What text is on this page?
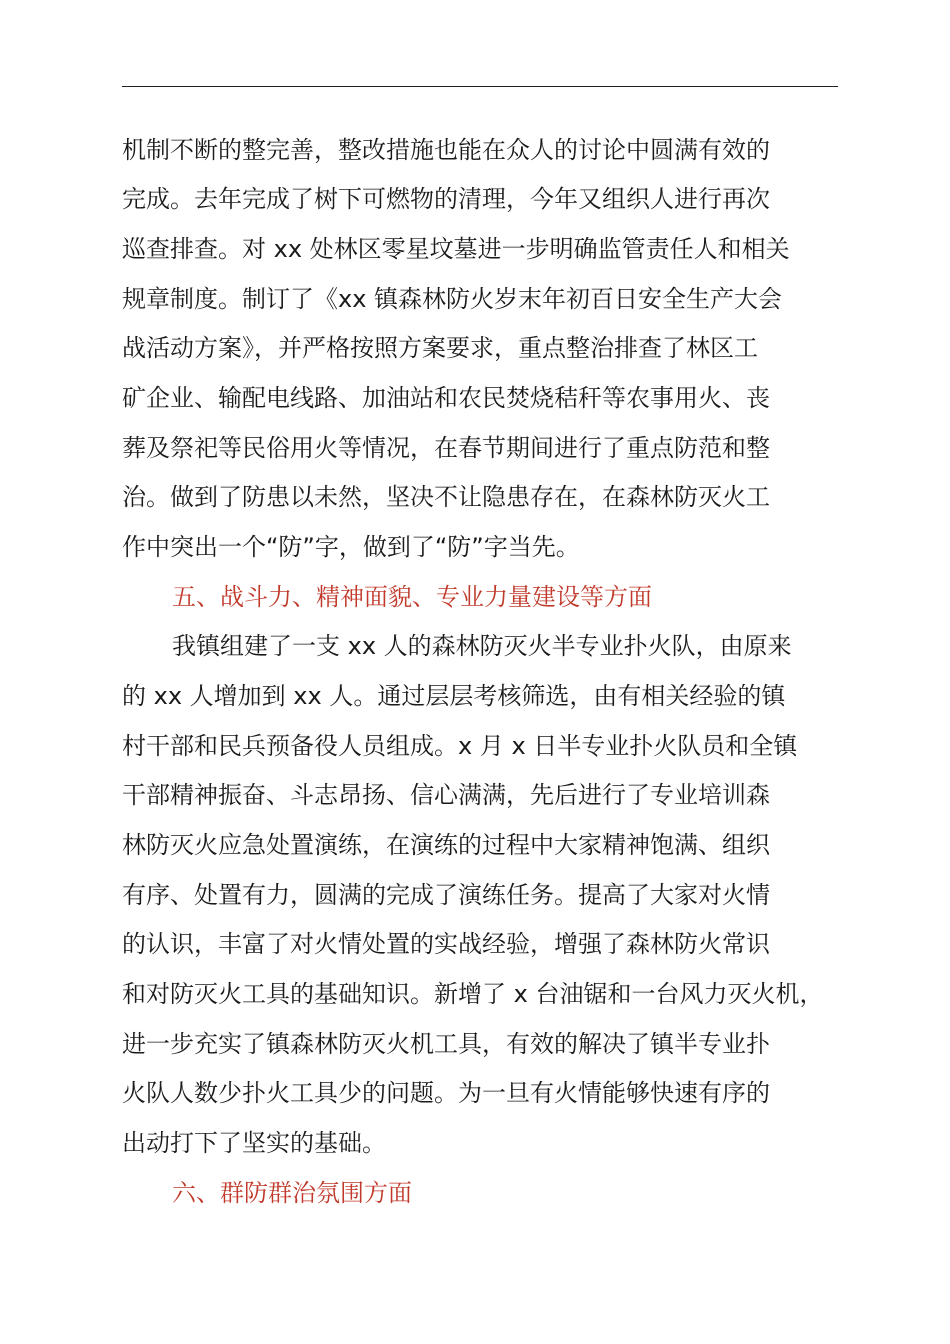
机制不断的整完善，整改措施也能在众人的讨论中圆满有效的
完成。去年完成了树下可燃物的清理，今年又组织人进行再次
巡查排查。对 xx 处林区零星坟墓进一步明确监管责任人和相关
规章制度。制订了《xx 镇森林防火岁末年初百日安全生产大会
战活动方案》，并严格按照方案要求，重点整治排查了林区工
矿企业、输配电线路、加油站和农民焚烧秸秆等农事用火、丧
葬及祭祀等民俗用火等情况，在春节期间进行了重点防范和整
治。做到了防患以未然，坚决不让隐患存在，在森林防灭火工
作中突出一个“防”字，做到了“防”字当先。
五、战斗力、精神面貌、专业力量建设等方面
我镇组建了一支 xx 人的森林防灭火半专业扑火队，由原来
的 xx 人增加到 xx 人。通过层层考核筛选，由有相关经验的镇
村干部和民兵预备役人员组成。x 月 x 日半专业扑火队员和全镇
干部精神振奋、斗志昂扬、信心满满，先后进行了专业培训森
林防灭火应急处置演练，在演练的过程中大家精神饱满、组织
有序、处置有力，圆满的完成了演练任务。提高了大家对火情
的认识，丰富了对火情处置的实战经验，增强了森林防火常识
和对防灭火工具的基础知识。新增了 x 台油锯和一台风力灭火机，
进一步充实了镇森林防灭火机工具，有效的解决了镇半专业扑
火队人数少扑火工具少的问题。为一旦有火情能够快速有序的
出动打下了坚实的基础。
六、群防群治氛围方面
